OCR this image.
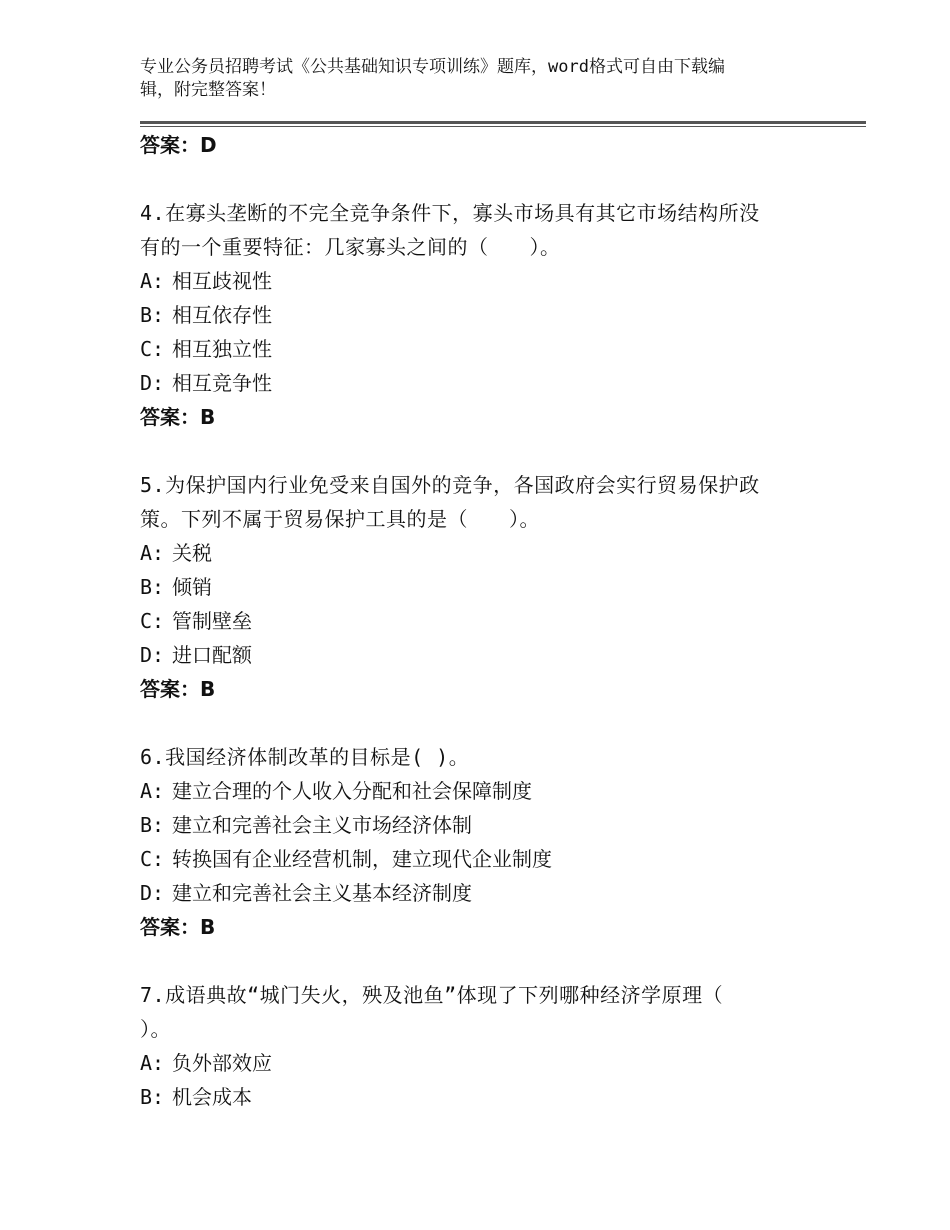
专业公务员招聘考试《公共基础知识专项训练》题库，word格式可自由下载编
辑，附完整答案！
答案：D
4.在寡头垄断的不完全竞争条件下，寡头市场具有其它市场结构所没
有的一个重要特征：几家寡头之间的（　　）。
A: 相互歧视性
B: 相互依存性
C: 相互独立性
D: 相互竞争性
答案：B
5.为保护国内行业免受来自国外的竞争，各国政府会实行贸易保护政
策。下列不属于贸易保护工具的是（　　）。
A: 关税
B: 倾销
C: 管制壁垒
D: 进口配额
答案：B
6.我国经济体制改革的目标是( )。
A: 建立合理的个人收入分配和社会保障制度
B: 建立和完善社会主义市场经济体制
C: 转换国有企业经营机制，建立现代企业制度
D: 建立和完善社会主义基本经济制度
答案：B
7.成语典故“城门失火，殃及池鱼”体现了下列哪种经济学原理（
）。
A: 负外部效应
B: 机会成本
